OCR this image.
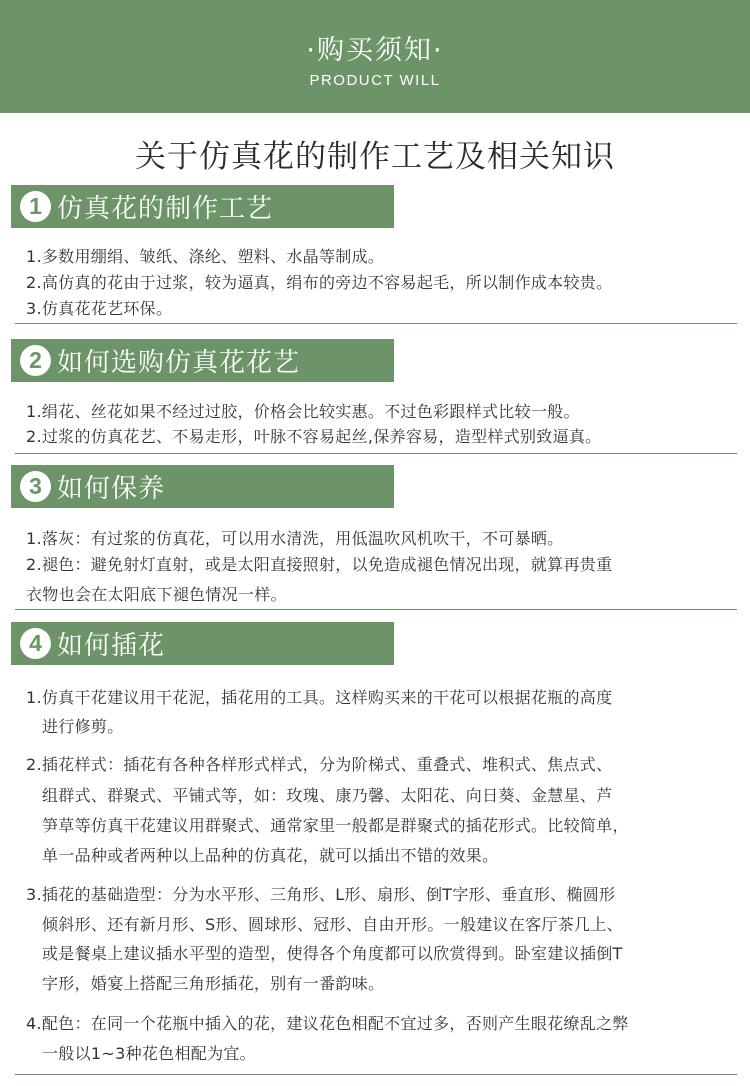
·购买须知·
PRODUCT WILL
关于仿真花的制作工艺及相关知识
1 仿真花的制作工艺
1.多数用绷绢、皱纸、涤纶、塑料、水晶等制成。
2.高仿真的花由于过浆，较为逼真，绢布的旁边不容易起毛，所以制作成本较贵。
3.仿真花花艺环保。
2 如何选购仿真花花艺
1.绢花、丝花如果不经过过胶，价格会比较实惠。不过色彩跟样式比较一般。
2.过浆的仿真花艺、不易走形，叶脉不容易起丝,保养容易，造型样式别致逼真。
3 如何保养
1.落灰：有过浆的仿真花，可以用水清洗，用低温吹风机吹干，不可暴晒。
2.褪色：避免射灯直射，或是太阳直接照射，以免造成褪色情况出现，就算再贵重
衣物也会在太阳底下褪色情况一样。
4 如何插花
1.仿真干花建议用干花泥，插花用的工具。这样购买来的干花可以根据花瓶的高度
进行修剪。
2.插花样式：插花有各种各样形式样式，分为阶梯式、重叠式、堆积式、焦点式、
组群式、群聚式、平铺式等，如：玫瑰、康乃馨、太阳花、向日葵、金慧星、芦
笋草等仿真干花建议用群聚式、通常家里一般都是群聚式的插花形式。比较简单，
单一品种或者两种以上品种的仿真花，就可以插出不错的效果。
3.插花的基础造型：分为水平形、三角形、L形、扇形、倒T字形、垂直形、椭圆形
倾斜形、还有新月形、S形、圆球形、冠形、自由开形。一般建议在客厅茶几上、
或是餐桌上建议插水平型的造型，使得各个角度都可以欣赏得到。卧室建议插倒T
字形，婚宴上搭配三角形插花，别有一番韵味。
4.配色：在同一个花瓶中插入的花，建议花色相配不宜过多，否则产生眼花缭乱之弊
一般以1~3种花色相配为宜。
